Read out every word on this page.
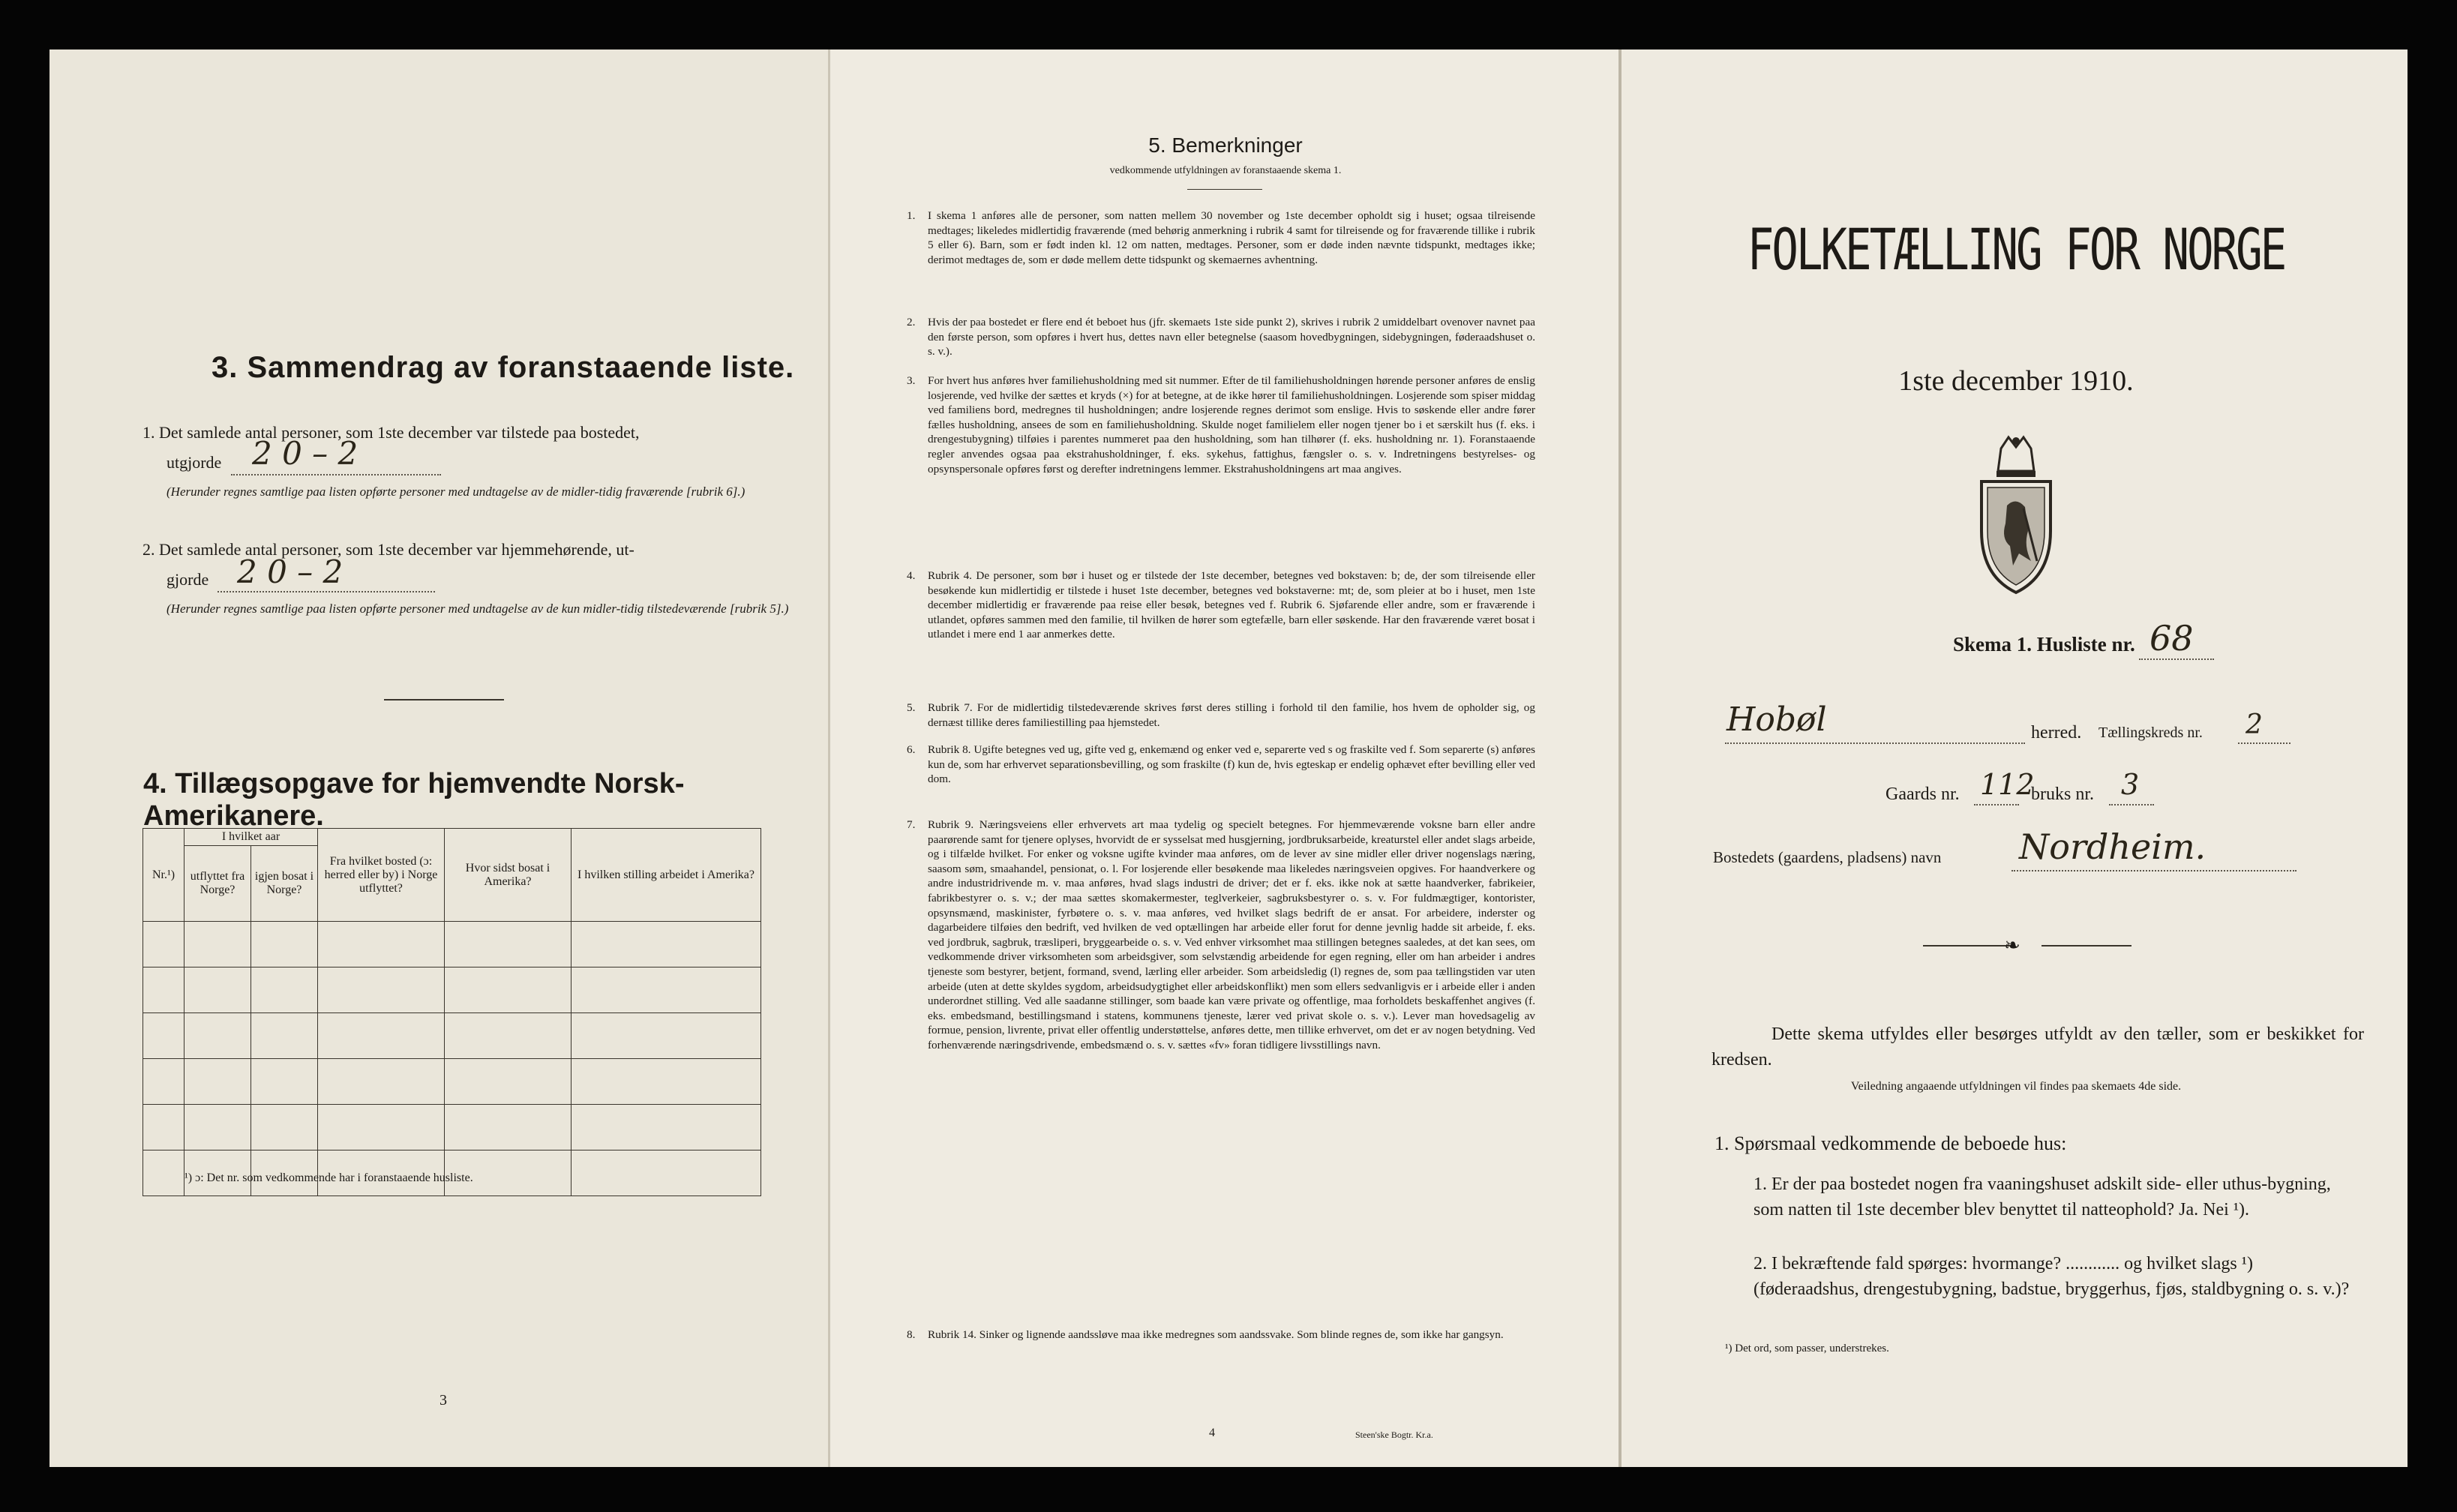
3. Sammendrag av foranstaaende liste.
1. Det samlede antal personer, som 1ste december var tilstede paa bostedet,
utgjorde 2 0 – 2
(Herunder regnes samtlige paa listen opførte personer med undtagelse av de midler-tidig fraværende [rubrik 6].)
2. Det samlede antal personer, som 1ste december var hjemmehørende, ut-
gjorde 2 0 – 2
(Herunder regnes samtlige paa listen opførte personer med undtagelse av de kun midler-tidig tilstedeværende [rubrik 5].)
4. Tillægsopgave for hjemvendte Norsk-Amerikanere.
Nr.¹)	I hvilket aar		Fra hvilket bosted (ɔ: herred eller by) i Norge utflyttet?	Hvor sidst bosat i Amerika?	I hvilken stilling arbeidet i Amerika?
	utflyttet fra Norge?	igjen bosat i Norge?			

¹) ɔ: Det nr. som vedkommende har i foranstaaende husliste.
3
5. Bemerkninger
vedkommende utfyldningen av foranstaaende skema 1.
1. I skema 1 anføres alle de personer, som natten mellem 30 november og 1ste december opholdt sig i huset; ogsaa tilreisende medtages; likeledes midlertidig fraværende (med behørig anmerkning i rubrik 4 samt for tilreisende og for fraværende tillike i rubrik 5 eller 6). Barn, som er født inden kl. 12 om natten, medtages. Personer, som er døde inden nævnte tidspunkt, medtages ikke; derimot medtages de, som er døde mellem dette tidspunkt og skemaernes avhentning.
2. Hvis der paa bostedet er flere end ét beboet hus (jfr. skemaets 1ste side punkt 2), skrives i rubrik 2 umiddelbart ovenover navnet paa den første person, som opføres i hvert hus, dettes navn eller betegnelse (saasom hovedbygningen, sidebygningen, føderaadshuset o. s. v.).
3. For hvert hus anføres hver familiehusholdning med sit nummer. Efter de til familiehusholdningen hørende personer anføres de enslig losjerende, ved hvilke der sættes et kryds (×) for at betegne, at de ikke hører til familiehusholdningen. Losjerende som spiser middag ved familiens bord, medregnes til husholdningen; andre losjerende regnes derimot som enslige. Hvis to søskende eller andre fører fælles husholdning, ansees de som en familiehusholdning. Skulde noget familielem eller nogen tjener bo i et særskilt hus (f. eks. i drengestubygning) tilføies i parentes nummeret paa den husholdning, som han tilhører (f. eks. husholdning nr. 1). Foranstaaende regler anvendes ogsaa paa ekstrahusholdninger, f. eks. sykehus, fattighus, fængsler o. s. v. Indretningens bestyrelses- og opsynspersonale opføres først og derefter indretningens lemmer. Ekstrahusholdningens art maa angives.
4. Rubrik 4. De personer, som bør i huset og er tilstede der 1ste december, betegnes ved bokstaven: b; de, der som tilreisende eller besøkende kun midlertidig er tilstede i huset 1ste december, betegnes ved bokstaverne: mt; de, som pleier at bo i huset, men 1ste december midlertidig er fraværende paa reise eller besøk, betegnes ved f. Rubrik 6. Sjøfarende eller andre, som er fraværende i utlandet, opføres sammen med den familie, til hvilken de hører som egtefælle, barn eller søskende. Har den fraværende været bosat i utlandet i mere end 1 aar anmerkes dette.
5. Rubrik 7. For de midlertidig tilstedeværende skrives først deres stilling i forhold til den familie, hos hvem de opholder sig, og dernæst tillike deres familiestilling paa hjemstedet.
6. Rubrik 8. Ugifte betegnes ved ug, gifte ved g, enkemænd og enker ved e, separerte ved s og fraskilte ved f. Som separerte (s) anføres kun de, som har erhvervet separationsbevilling, og som fraskilte (f) kun de, hvis egteskap er endelig ophævet efter bevilling eller ved dom.
7. Rubrik 9. Næringsveiens eller erhvervets art maa tydelig og specielt betegnes. For hjemmeværende voksne barn eller andre paarørende samt for tjenere oplyses, hvorvidt de er sysselsat med husgjerning, jordbruksarbeide, kreaturstel eller andet slags arbeide, og i tilfælde hvilket. For enker og voksne ugifte kvinder maa anføres, om de lever av sine midler eller driver nogenslags næring, saasom søm, smaahandel, pensionat, o. l. For losjerende eller besøkende maa likeledes næringsveien opgives. For haandverkere og andre industridrivende m. v. maa anføres, hvad slags industri de driver; det er f. eks. ikke nok at sætte haandverker, fabrikeier, fabrikbestyrer o. s. v.; der maa sættes skomakermester, teglverkeier, sagbruksbestyrer o. s. v. For fuldmægtiger, kontorister, opsynsmænd, maskinister, fyrbøtere o. s. v. maa anføres, ved hvilket slags bedrift de er ansat. For arbeidere, inderster og dagarbeidere tilføies den bedrift, ved hvilken de ved optællingen har arbeide eller forut for denne jevnlig hadde sit arbeide, f. eks. ved jordbruk, sagbruk, træsliperi, bryggearbeide o. s. v. Ved enhver virksomhet maa stillingen betegnes saaledes, at det kan sees, om vedkommende driver virksomheten som arbeidsgiver, som selvstændig arbeidende for egen regning, eller om han arbeider i andres tjeneste som bestyrer, betjent, formand, svend, lærling eller arbeider. Som arbeidsledig (l) regnes de, som paa tællingstiden var uten arbeide (uten at dette skyldes sygdom, arbeidsudygtighet eller arbeidskonflikt) men som ellers sedvanligvis er i arbeide eller i anden underordnet stilling. Ved alle saadanne stillinger, som baade kan være private og offentlige, maa forholdets beskaffenhet angives (f. eks. embedsmand, bestillingsmand i statens, kommunens tjeneste, lærer ved privat skole o. s. v.). Lever man hovedsagelig av formue, pension, livrente, privat eller offentlig understøttelse, anføres dette, men tillike erhvervet, om det er av nogen betydning. Ved forhenværende næringsdrivende, embedsmænd o. s. v. sættes «fv» foran tidligere livsstillings navn.
8. Rubrik 14. Sinker og lignende aandssløve maa ikke medregnes som aandssvake. Som blinde regnes de, som ikke har gangsyn.
4	Steen'ske Bogtr. Kr.a.
FOLKETÆLLING FOR NORGE
1ste december 1910.
Skema 1. Husliste nr. 68
Hobøl	herred. Tællingskreds nr. 2
Gaards nr. 112
bruks nr. 3
Bostedets (gaardens, pladsens) navn Nordheim.
❧
Dette skema utfyldes eller besørges utfyldt av den tæller, som er beskikket for kredsen.
Veiledning angaaende utfyldningen vil findes paa skemaets 4de side.
1. Spørsmaal vedkommende de beboede hus:
1. Er der paa bostedet nogen fra vaaningshuset adskilt side- eller uthus-bygning, som natten til 1ste december blev benyttet til natteophold? Ja. Nei ¹).
2. I bekræftende fald spørges: hvormange? ............ og hvilket slags ¹) (føderaadshus, drengestubygning, badstue, bryggerhus, fjøs, staldbygning o. s. v.)?
¹) Det ord, som passer, understrekes.
